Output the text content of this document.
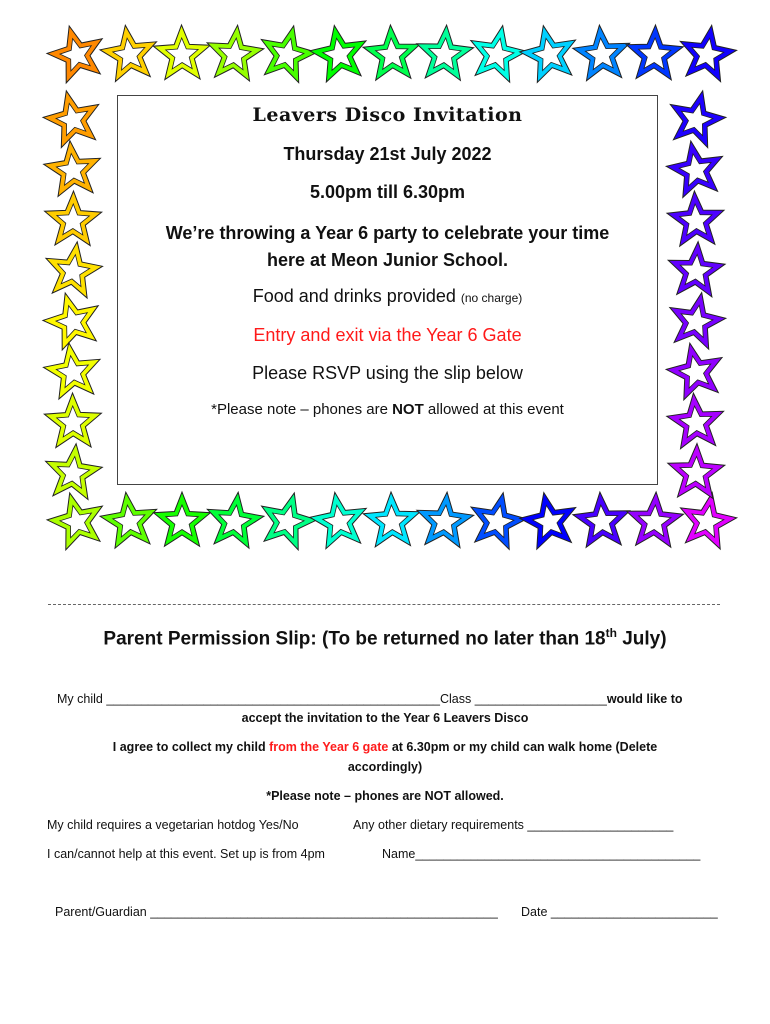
Leavers Disco Invitation
Thursday 21st July 2022
5.00pm till 6.30pm
We’re throwing a Year 6 party to celebrate your time
here at Meon Junior School.
Food and drinks provided (no charge)
Entry and exit via the Year 6 Gate
Please RSVP using the slip below
*Please note – phones are NOT allowed at this event
Parent Permission Slip: (To be returned no later than 18th July)
My child ________________________________________________Class ___________________would like to
accept the invitation to the Year 6 Leavers Disco
I agree to collect my child from the Year 6 gate at 6.30pm or my child can walk home (Delete
accordingly)
*Please note – phones are NOT allowed.
My child requires a vegetarian hotdog Yes/No	Any other dietary requirements _____________________
I can/cannot help at this event. Set up is from 4pm	Name_________________________________________
Parent/Guardian __________________________________________________ Date ________________________
